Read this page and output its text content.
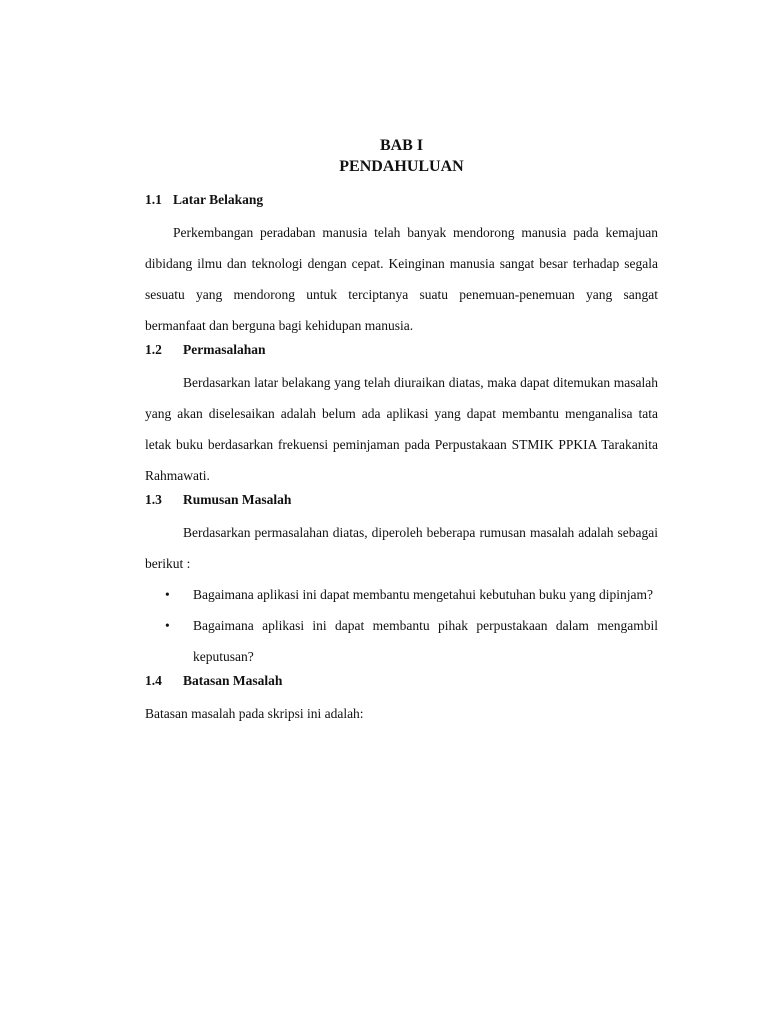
BAB I

PENDAHULUAN

1.1 Latar Belakang

Perkembangan peradaban manusia telah banyak mendorong manusia pada kemajuan dibidang ilmu dan teknologi dengan cepat. Keinginan manusia sangat besar terhadap segala sesuatu yang mendorong untuk terciptanya suatu penemuan-penemuan yang sangat bermanfaat dan berguna bagi kehidupan manusia.

1.2	Permasalahan

Berdasarkan latar belakang yang telah diuraikan diatas, maka dapat ditemukan masalah yang akan diselesaikan adalah belum ada aplikasi yang dapat membantu menganalisa tata letak buku berdasarkan frekuensi peminjaman pada Perpustakaan STMIK PPKIA Tarakanita Rahmawati.

1.3	Rumusan Masalah

Berdasarkan permasalahan diatas, diperoleh beberapa rumusan masalah adalah sebagai berikut :

•	Bagaimana aplikasi ini dapat membantu mengetahui kebutuhan buku yang dipinjam?
•	Bagaimana aplikasi ini dapat membantu pihak perpustakaan dalam mengambil keputusan?
1.4	Batasan Masalah

Batasan masalah pada skripsi ini adalah:
